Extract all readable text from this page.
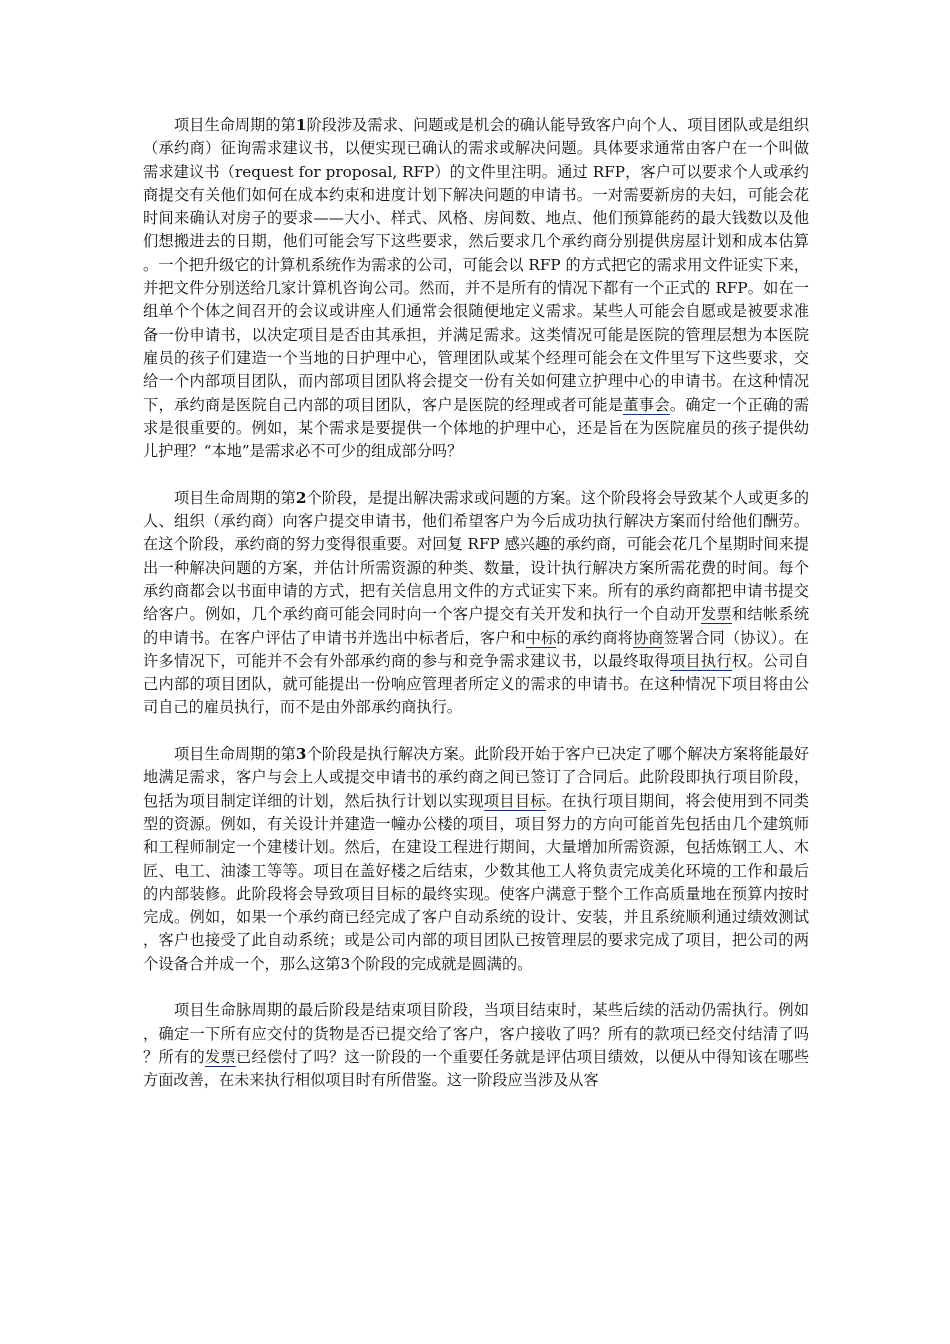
项目生命周期的第1阶段涉及需求、问题或是机会的确认能导致客户向个人、项目团队或是组织（承约商）征询需求建议书，以便实现已确认的需求或解决问题。具体要求通常由客户在一个叫做需求建议书（request for proposal, RFP）的文件里注明。通过 RFP，客户可以要求个人或承约商提交有关他们如何在成本约束和进度计划下解决问题的申请书。一对需要新房的夫妇，可能会花时间来确认对房子的要求——大小、样式、风格、房间数、地点、他们预算能药的最大钱数以及他们想搬进去的日期，他们可能会写下这些要求，然后要求几个承约商分别提供房屋计划和成本估算。一个把升级它的计算机系统作为需求的公司，可能会以 RFP 的方式把它的需求用文件证实下来，并把文件分别送给几家计算机咨询公司。然而，并不是所有的情况下都有一个正式的 RFP。如在一组单个个体之间召开的会议或讲座人们通常会很随便地定义需求。某些人可能会自愿或是被要求准备一份申请书，以决定项目是否由其承担，并满足需求。这类情况可能是医院的管理层想为本医院雇员的孩子们建造一个当地的日护理中心，管理团队或某个经理可能会在文件里写下这些要求，交给一个内部项目团队，而内部项目团队将会提交一份有关如何建立护理中心的申请书。在这种情况下，承约商是医院自己内部的项目团队，客户是医院的经理或者可能是董事会。确定一个正确的需求是很重要的。例如，某个需求是要提供一个体地的护理中心，还是旨在为医院雇员的孩子提供幼儿护理？“本地”是需求必不可少的组成部分吗？

项目生命周期的第2个阶段，是提出解决需求或问题的方案。这个阶段将会导致某个人或更多的人、组织（承约商）向客户提交申请书，他们希望客户为今后成功执行解决方案而付给他们酬劳。在这个阶段，承约商的努力变得很重要。对回复 RFP 感兴趣的承约商，可能会花几个星期时间来提出一种解决问题的方案，并估计所需资源的种类、数量，设计执行解决方案所需花费的时间。每个承约商都会以书面申请的方式，把有关信息用文件的方式证实下来。所有的承约商都把申请书提交给客户。例如，几个承约商可能会同时向一个客户提交有关开发和执行一个自动开发票和结帐系统的申请书。在客户评估了申请书并选出中标者后，客户和中标的承约商将协商签署合同（协议）。在许多情况下，可能并不会有外部承约商的参与和竞争需求建议书，以最终取得项目执行权。公司自己内部的项目团队，就可能提出一份响应管理者所定义的需求的申请书。在这种情况下项目将由公司自己的雇员执行，而不是由外部承约商执行。

项目生命周期的第3个阶段是执行解决方案。此阶段开始于客户已决定了哪个解决方案将能最好地满足需求，客户与会上人或提交申请书的承约商之间已签订了合同后。此阶段即执行项目阶段，包括为项目制定详细的计划，然后执行计划以实现项目目标。在执行项目期间，将会使用到不同类型的资源。例如，有关设计并建造一幢办公楼的项目，项目努力的方向可能首先包括由几个建筑师和工程师制定一个建楼计划。然后，在建设工程进行期间，大量增加所需资源，包括炼钢工人、木匠、电工、油漆工等等。项目在盖好楼之后结束，少数其他工人将负责完成美化环境的工作和最后的内部装修。此阶段将会导致项目目标的最终实现。使客户满意于整个工作高质量地在预算内按时完成。例如，如果一个承约商已经完成了客户自动系统的设计、安装，并且系统顺利通过绩效测试，客户也接受了此自动系统；或是公司内部的项目团队已按管理层的要求完成了项目，把公司的两个设备合并成一个，那么这第3个阶段的完成就是圆满的。

项目生命脉周期的最后阶段是结束项目阶段，当项目结束时，某些后续的活动仍需执行。例如，确定一下所有应交付的货物是否已提交给了客户，客户接收了吗？所有的款项已经交付结清了吗？所有的发票已经偿付了吗？这一阶段的一个重要任务就是评估项目绩效，以便从中得知该在哪些方面改善，在未来执行相似项目时有所借鉴。这一阶段应当涉及从客
